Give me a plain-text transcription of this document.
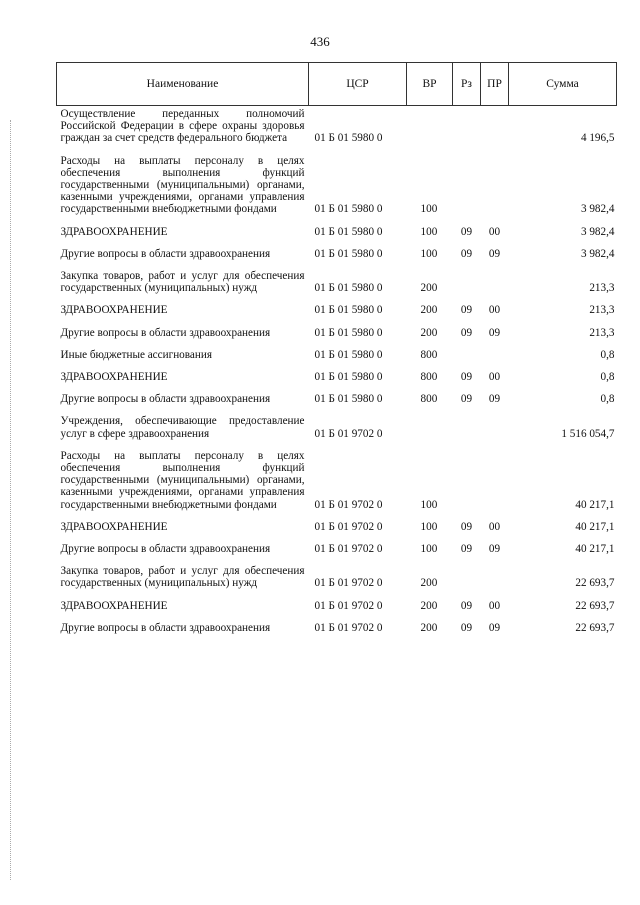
436
Наименование	ЦСР	ВР	Рз	ПР	Сумма
Осуществление переданных полномочий Российской Федерации в сфере охраны здоровья граждан за счет средств федерального бюджета	01 Б 01 5980 0				4 196,5
Расходы на выплаты персоналу в целях обеспечения выполнения функций государственными (муниципальными) органами, казенными учреждениями, органами управления государственными внебюджетными фондами	01 Б 01 5980 0	100			3 982,4
ЗДРАВООХРАНЕНИЕ	01 Б 01 5980 0	100	09	00	3 982,4
Другие вопросы в области здравоохранения	01 Б 01 5980 0	100	09	09	3 982,4
Закупка товаров, работ и услуг для обеспечения государственных (муниципальных) нужд	01 Б 01 5980 0	200			213,3
ЗДРАВООХРАНЕНИЕ	01 Б 01 5980 0	200	09	00	213,3
Другие вопросы в области здравоохранения	01 Б 01 5980 0	200	09	09	213,3
Иные бюджетные ассигнования	01 Б 01 5980 0	800			0,8
ЗДРАВООХРАНЕНИЕ	01 Б 01 5980 0	800	09	00	0,8
Другие вопросы в области здравоохранения	01 Б 01 5980 0	800	09	09	0,8
Учреждения, обеспечивающие предоставление услуг в сфере здравоохранения	01 Б 01 9702 0				1 516 054,7
Расходы на выплаты персоналу в целях обеспечения выполнения функций государственными (муниципальными) органами, казенными учреждениями, органами управления государственными внебюджетными фондами	01 Б 01 9702 0	100			40 217,1
ЗДРАВООХРАНЕНИЕ	01 Б 01 9702 0	100	09	00	40 217,1
Другие вопросы в области здравоохранения	01 Б 01 9702 0	100	09	09	40 217,1
Закупка товаров, работ и услуг для обеспечения государственных (муниципальных) нужд	01 Б 01 9702 0	200			22 693,7
ЗДРАВООХРАНЕНИЕ	01 Б 01 9702 0	200	09	00	22 693,7
Другие вопросы в области здравоохранения	01 Б 01 9702 0	200	09	09	22 693,7
